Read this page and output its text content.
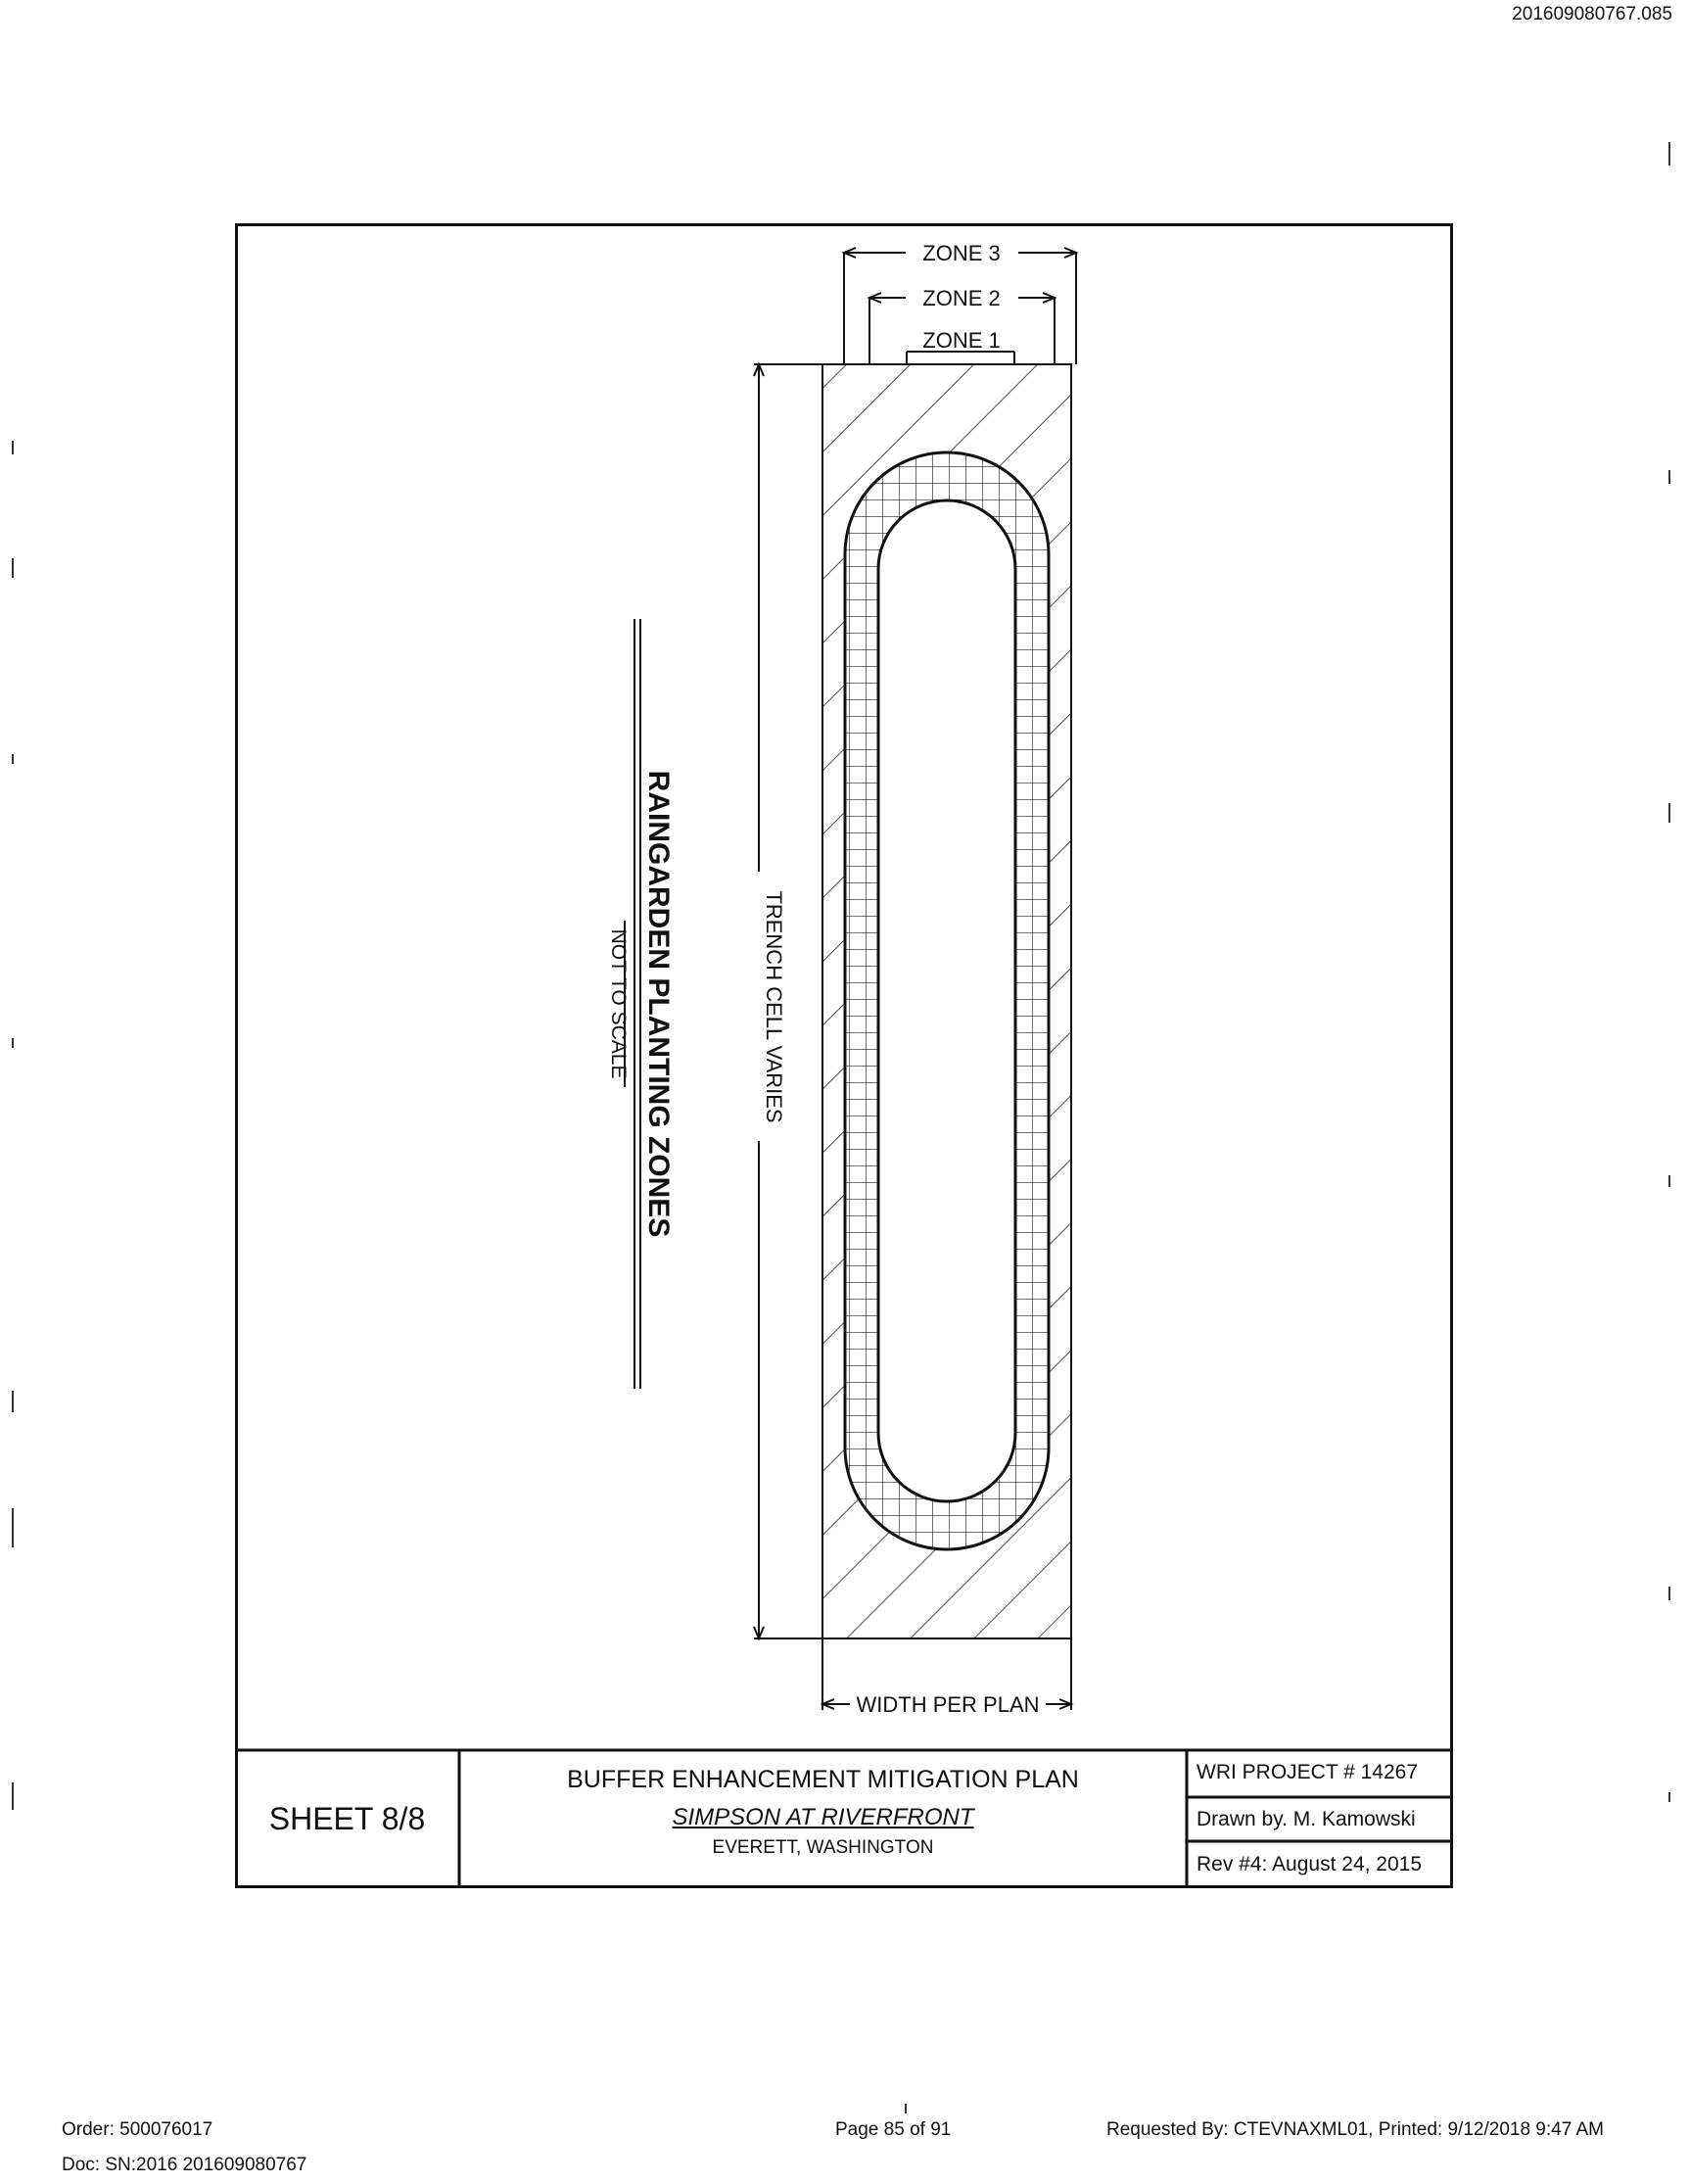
201609080767.085
ZONE 3
ZONE 2
ZONE 1
TRENCH CELL VARIES
WIDTH PER PLAN
RAINGARDEN PLANTING ZONES
NOT TO SCALE
SHEET 8/8
BUFFER ENHANCEMENT MITIGATION PLAN
SIMPSON AT RIVERFRONT
EVERETT, WASHINGTON
WRI PROJECT # 14267
Drawn by. M. Kamowski
Rev #4: August 24, 2015
Order: 500076017
Doc: SN:2016 201609080767
Page 85 of 91	Requested By: CTEVNAXML01, Printed: 9/12/2018 9:47 AM
